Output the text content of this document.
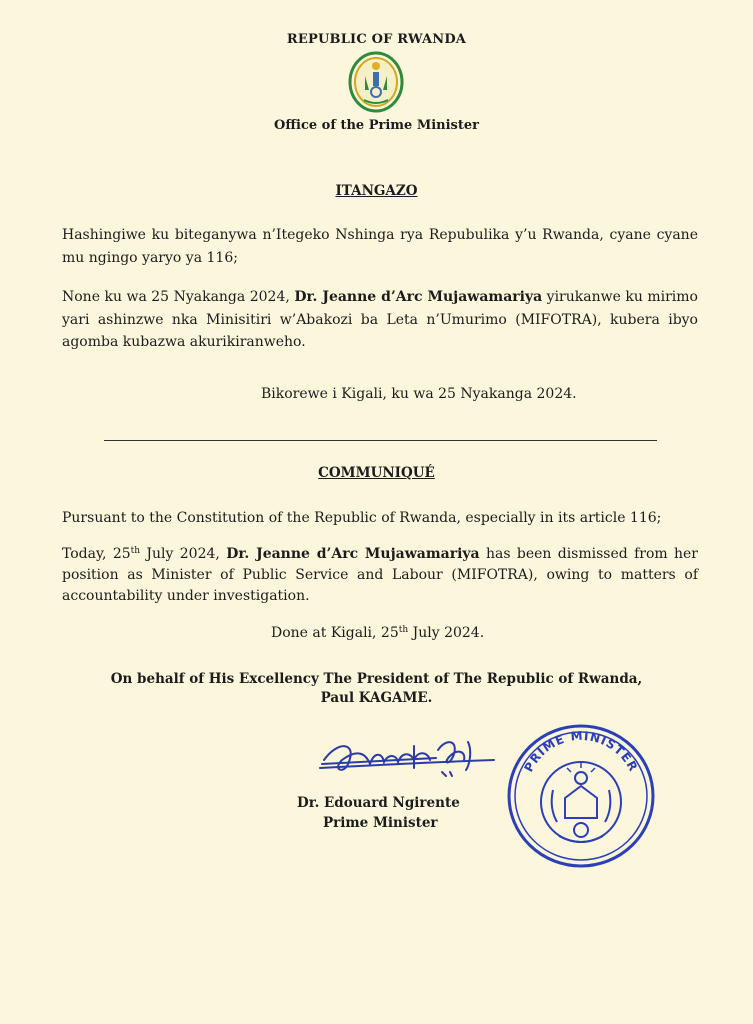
REPUBLIC OF RWANDA
Office of the Prime Minister
ITANGAZO
Hashingiwe ku biteganywa n’Itegeko Nshinga rya Repubulika y’u Rwanda, cyane cyane mu ngingo yaryo ya 116;
None ku wa 25 Nyakanga 2024, Dr. Jeanne d’Arc Mujawamariya yirukanwe ku mirimo yari ashinzwe nka Minisitiri w’Abakozi ba Leta n’Umurimo (MIFOTRA), kubera ibyo agomba kubazwa akurikiranweho.
Bikorewe i Kigali, ku wa 25 Nyakanga 2024.
COMMUNIQUÉ
Pursuant to the Constitution of the Republic of Rwanda, especially in its article 116;
Today, 25th July 2024, Dr. Jeanne d’Arc Mujawamariya has been dismissed from her position as Minister of Public Service and Labour (MIFOTRA), owing to matters of accountability under investigation.
Done at Kigali, 25th July 2024.
On behalf of His Excellency The President of The Republic of Rwanda,
Paul KAGAME.
Dr. Edouard Ngirente
Prime Minister
PRIME MINISTER
